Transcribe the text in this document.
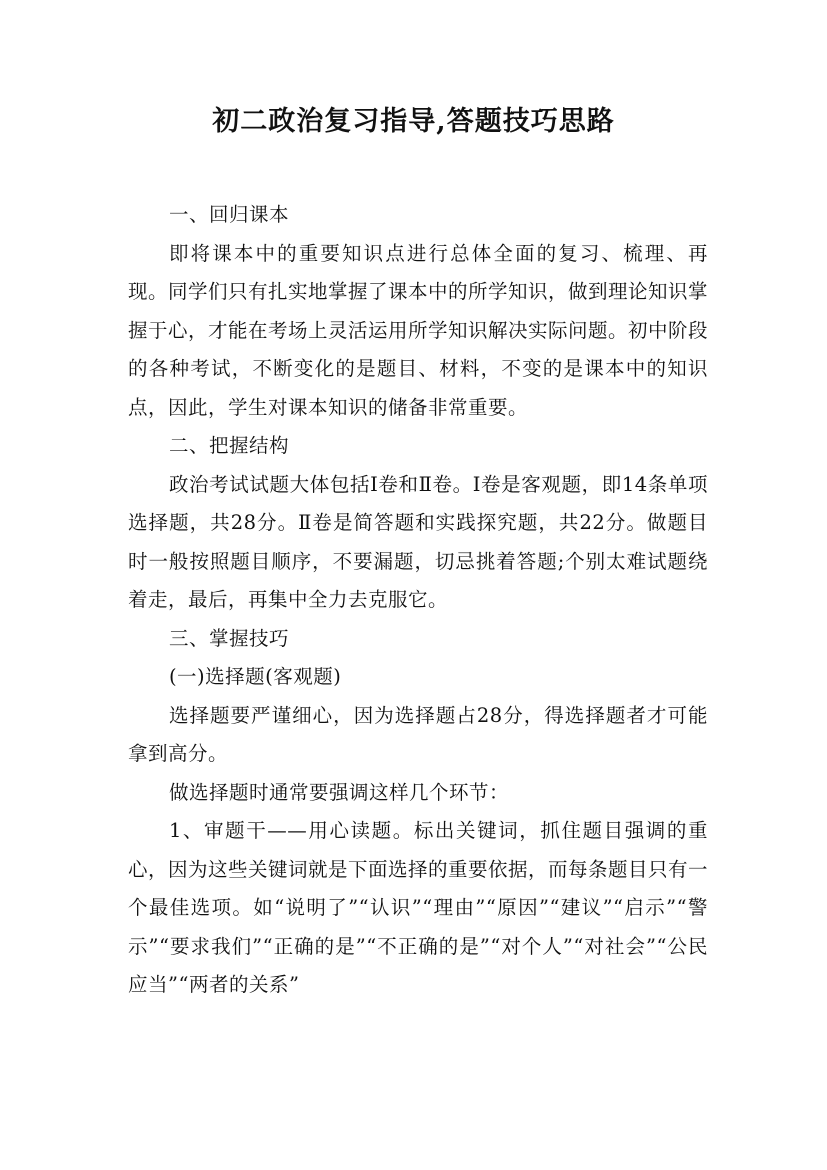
初二政治复习指导,答题技巧思路

一、回归课本

即将课本中的重要知识点进行总体全面的复习、梳理、再现。同学们只有扎实地掌握了课本中的所学知识，做到理论知识掌握于心，才能在考场上灵活运用所学知识解决实际问题。初中阶段的各种考试，不断变化的是题目、材料，不变的是课本中的知识点，因此，学生对课本知识的储备非常重要。

二、把握结构

政治考试试题大体包括Ⅰ卷和Ⅱ卷。Ⅰ卷是客观题，即14条单项选择题，共28分。Ⅱ卷是简答题和实践探究题，共22分。做题目时一般按照题目顺序，不要漏题，切忌挑着答题;个别太难试题绕着走，最后，再集中全力去克服它。

三、掌握技巧

(一)选择题(客观题)

选择题要严谨细心，因为选择题占28分，得选择题者才可能拿到高分。

做选择题时通常要强调这样几个环节：

1、审题干——用心读题。标出关键词，抓住题目强调的重心，因为这些关键词就是下面选择的重要依据，而每条题目只有一个最佳选项。如“说明了”“认识”“理由”“原因”“建议”“启示”“警示”“要求我们”“正确的是”“不正确的是”“对个人”“对社会”“公民应当”“两者的关系”
